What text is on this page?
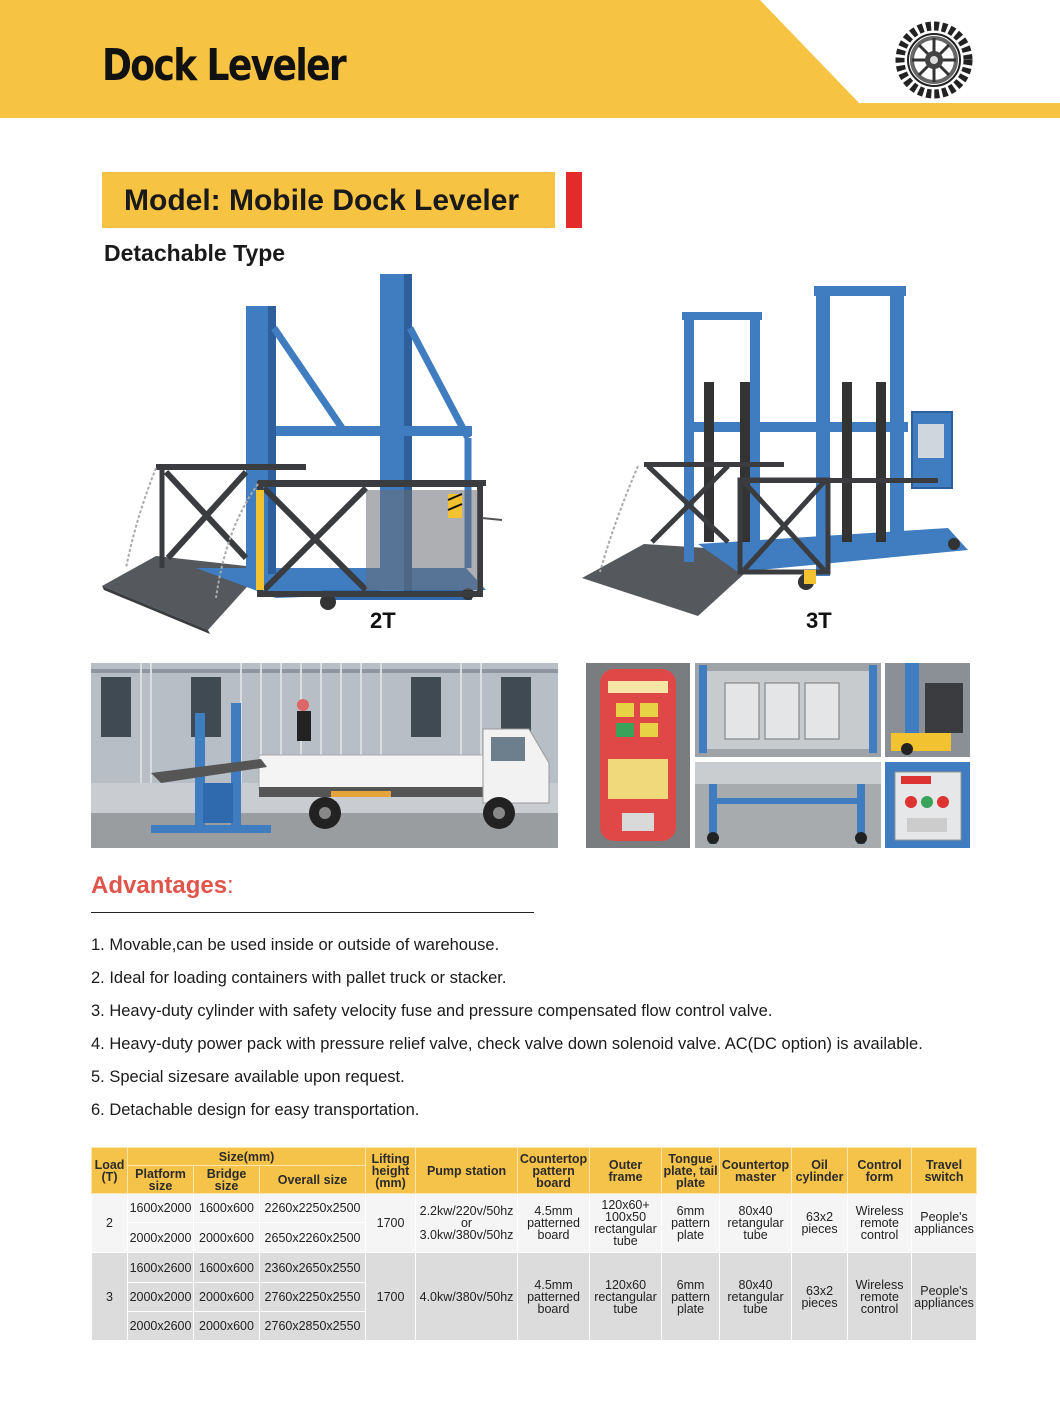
Dock Leveler
Model: Mobile Dock Leveler
Detachable Type
2T	3T
Advantages:
1. Movable,can be used inside or outside of warehouse.
2. Ideal for loading containers with pallet truck or stacker.
3. Heavy-duty cylinder with safety velocity fuse and pressure compensated flow control valve.
4. Heavy-duty power pack with pressure relief valve, check valve down solenoid valve. AC(DC option) is available.
5. Special sizesare available upon request.
6. Detachable design for easy transportation.
Load (T)	Size(mm)			Lifting height (mm)	Pump station	Countertop pattern board	Outer frame	Tongue plate, tail plate	Countertop master	Oil cylinder	Control form	Travel switch
	Platform size	Bridge size	Overall size									
2	1600x2000	1600x600	2260x2250x2500	1700	2.2kw/220v/50hz or 3.0kw/380v/50hz	4.5mm patterned board	120x60+ 100x50 rectangular tube	6mm pattern plate	80x40 retangular tube	63x2 pieces	Wireless remote control	People's appliances
	2000x2000	2000x600	2650x2260x2500									
3	1600x2600	1600x600	2360x2650x2550	1700	4.0kw/380v/50hz	4.5mm patterned board	120x60 rectangular tube	6mm pattern plate	80x40 retangular tube	63x2 pieces	Wireless remote control	People's appliances
	2000x2000	2000x600	2760x2250x2550									
	2000x2600	2000x600	2760x2850x2550									
